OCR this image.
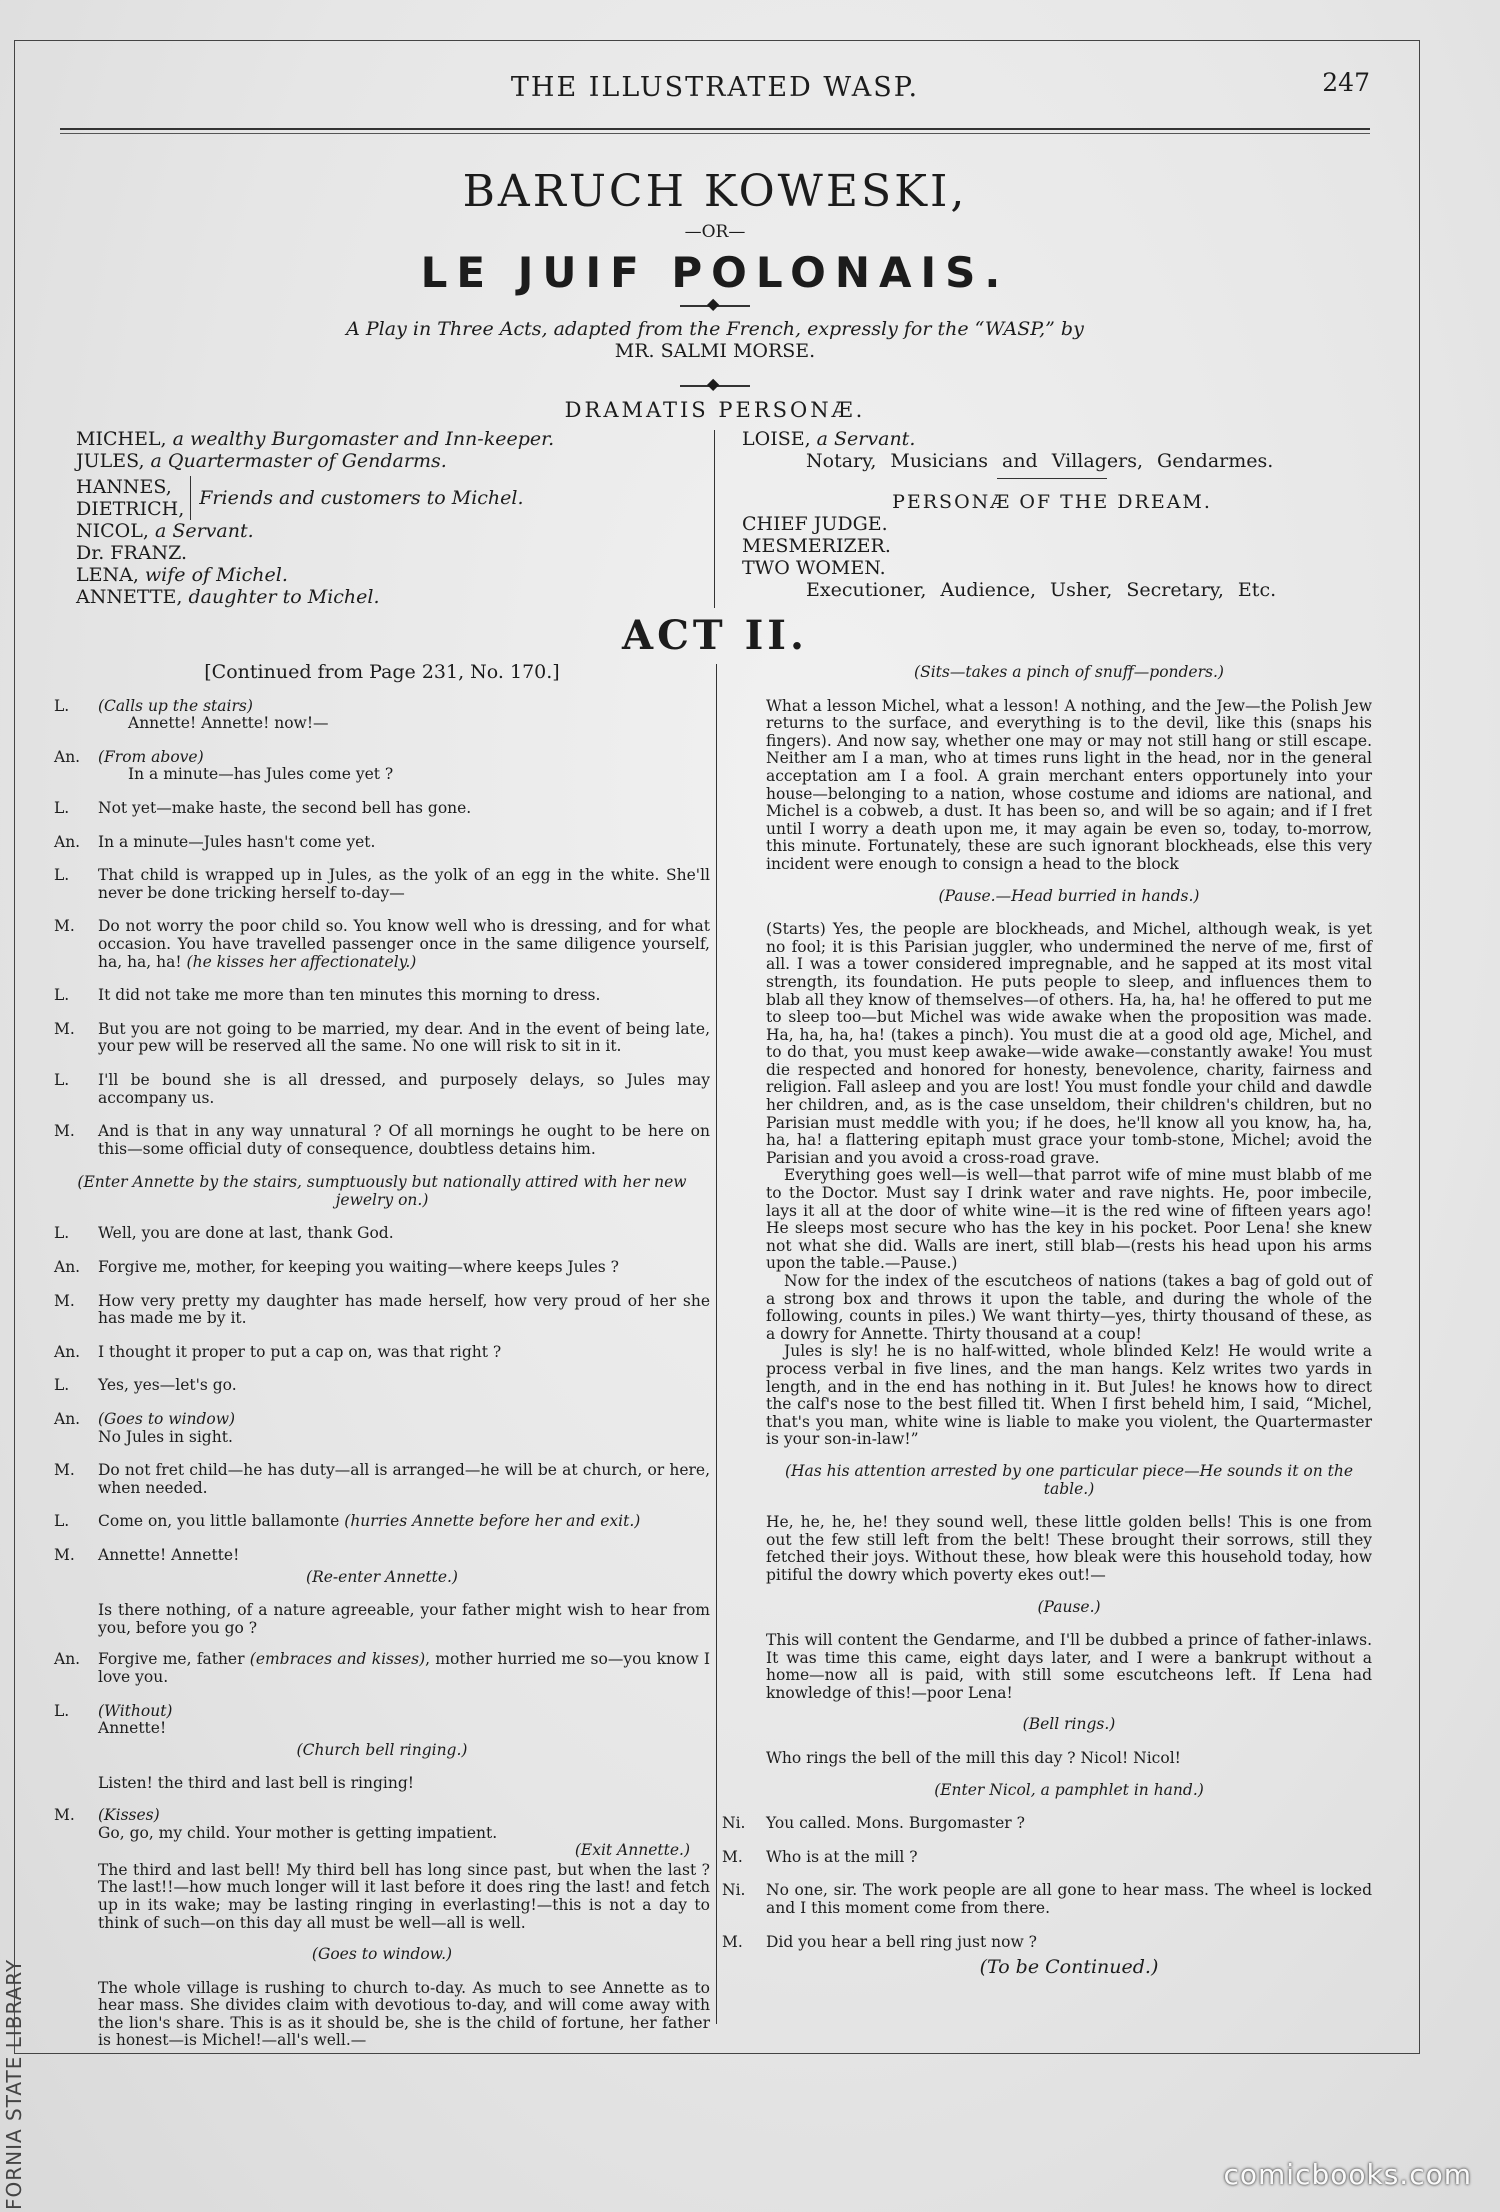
THE ILLUSTRATED WASP.	247
BARUCH KOWESKI,
—OR—
LE JUIF POLONAIS.
◆
A Play in Three Acts, adapted from the French, expressly for the “WASP,” by
MR. SALMI MORSE.
◆
DRAMATIS PERSONÆ.
MICHEL, a wealthy Burgomaster and Inn-keeper.
JULES, a Quartermaster of Gendarms.
HANNES,
DIETRICH, Friends and customers to Michel.
NICOL, a Servant.
Dr. FRANZ.
LENA, wife of Michel.
ANNETTE, daughter to Michel.
LOISE, a Servant.
Notary, Musicians and Villagers, Gendarmes.
PERSONÆ OF THE DREAM.
CHIEF JUDGE.
MESMERIZER.
TWO WOMEN.
Executioner, Audience, Usher, Secretary, Etc.
ACT II.
[Continued from Page 231, No. 170.]
L.	(Calls up the stairs)
Annette! Annette! now!—
An.	(From above)
In a minute—has Jules come yet ?
L.	Not yet—make haste, the second bell has gone.
An.	In a minute—Jules hasn't come yet.
L.	That child is wrapped up in Jules, as the yolk of an egg in the white. She'll never be done tricking herself to-day—
M.	Do not worry the poor child so. You know well who is dressing, and for what occasion. You have travelled passenger once in the same diligence yourself, ha, ha, ha! (he kisses her affectionately.)
L.	It did not take me more than ten minutes this morning to dress.
M.	But you are not going to be married, my dear. And in the event of being late, your pew will be reserved all the same. No one will risk to sit in it.
L.	I'll be bound she is all dressed, and purposely delays, so Jules may accompany us.
M.	And is that in any way unnatural ? Of all mornings he ought to be here on this—some official duty of consequence, doubtless detains him.
(Enter Annette by the stairs, sumptuously but nationally attired with her new jewelry on.)
L.	Well, you are done at last, thank God.
An.	Forgive me, mother, for keeping you waiting—where keeps Jules ?
M.	How very pretty my daughter has made herself, how very proud of her she has made me by it.
An.	I thought it proper to put a cap on, was that right ?
L.	Yes, yes—let's go.
An.	(Goes to window)
No Jules in sight.
M.	Do not fret child—he has duty—all is arranged—he will be at church, or here, when needed.
L.	Come on, you little ballamonte (hurries Annette before her and exit.)
M.	Annette! Annette!
(Re-enter Annette.)
Is there nothing, of a nature agreeable, your father might wish to hear from you, before you go ?
An.	Forgive me, father (embraces and kisses), mother hurried me so—you know I love you.
L.	(Without)
Annette!
(Church bell ringing.)
Listen! the third and last bell is ringing!
M.	(Kisses)
Go, go, my child. Your mother is getting impatient.
(Exit Annette.)
The third and last bell! My third bell has long since past, but when the last ? The last!!—how much longer will it last before it does ring the last! and fetch up in its wake; may be lasting ringing in everlasting!—this is not a day to think of such—on this day all must be well—all is well.
(Goes to window.)
The whole village is rushing to church to-day. As much to see Annette as to hear mass. She divides claim with devotious to-day, and will come away with the lion's share. This is as it should be, she is the child of fortune, her father is honest—is Michel!—all's well.—
(Sits—takes a pinch of snuff—ponders.)
What a lesson Michel, what a lesson! A nothing, and the Jew—the Polish Jew returns to the surface, and everything is to the devil, like this (snaps his fingers). And now say, whether one may or may not still hang or still escape. Neither am I a man, who at times runs light in the head, nor in the general acceptation am I a fool. A grain merchant enters opportunely into your house—belonging to a nation, whose costume and idioms are national, and Michel is a cobweb, a dust. It has been so, and will be so again; and if I fret until I worry a death upon me, it may again be even so, today, to-morrow, this minute. Fortunately, these are such ignorant blockheads, else this very incident were enough to consign a head to the block
(Pause.—Head burried in hands.)
(Starts) Yes, the people are blockheads, and Michel, although weak, is yet no fool; it is this Parisian juggler, who undermined the nerve of me, first of all. I was a tower considered impregnable, and he sapped at its most vital strength, its foundation. He puts people to sleep, and influences them to blab all they know of themselves—of others. Ha, ha, ha! he offered to put me to sleep too—but Michel was wide awake when the proposition was made. Ha, ha, ha, ha! (takes a pinch). You must die at a good old age, Michel, and to do that, you must keep awake—wide awake—constantly awake! You must die respected and honored for honesty, benevolence, charity, fairness and religion. Fall asleep and you are lost! You must fondle your child and dawdle her children, and, as is the case unseldom, their children's children, but no Parisian must meddle with you; if he does, he'll know all you know, ha, ha, ha, ha! a flattering epitaph must grace your tomb-stone, Michel; avoid the Parisian and you avoid a cross-road grave.
Everything goes well—is well—that parrot wife of mine must blabb of me to the Doctor. Must say I drink water and rave nights. He, poor imbecile, lays it all at the door of white wine—it is the red wine of fifteen years ago! He sleeps most secure who has the key in his pocket. Poor Lena! she knew not what she did. Walls are inert, still blab—(rests his head upon his arms upon the table.—Pause.)
Now for the index of the escutcheos of nations (takes a bag of gold out of a strong box and throws it upon the table, and during the whole of the following, counts in piles.) We want thirty—yes, thirty thousand of these, as a dowry for Annette. Thirty thousand at a coup!
Jules is sly! he is no half-witted, whole blinded Kelz! He would write a process verbal in five lines, and the man hangs. Kelz writes two yards in length, and in the end has nothing in it. But Jules! he knows how to direct the calf's nose to the best filled tit. When I first beheld him, I said, “Michel, that's you man, white wine is liable to make you violent, the Quartermaster is your son-in-law!”
(Has his attention arrested by one particular piece—He sounds it on the table.)
He, he, he, he! they sound well, these little golden bells! This is one from out the few still left from the belt! These brought their sorrows, still they fetched their joys. Without these, how bleak were this household today, how pitiful the dowry which poverty ekes out!—
(Pause.)
This will content the Gendarme, and I'll be dubbed a prince of father-inlaws. It was time this came, eight days later, and I were a bankrupt without a home—now all is paid, with still some escutcheons left. If Lena had knowledge of this!—poor Lena!
(Bell rings.)
Who rings the bell of the mill this day ? Nicol! Nicol!
(Enter Nicol, a pamphlet in hand.)
Ni.	You called. Mons. Burgomaster ?
M.	Who is at the mill ?
Ni.	No one, sir. The work people are all gone to hear mass. The wheel is locked and I this moment come from there.
M.	Did you hear a bell ring just now ?
(To be Continued.)
FORNIA STATE LIBRARY	comicbooks.com
